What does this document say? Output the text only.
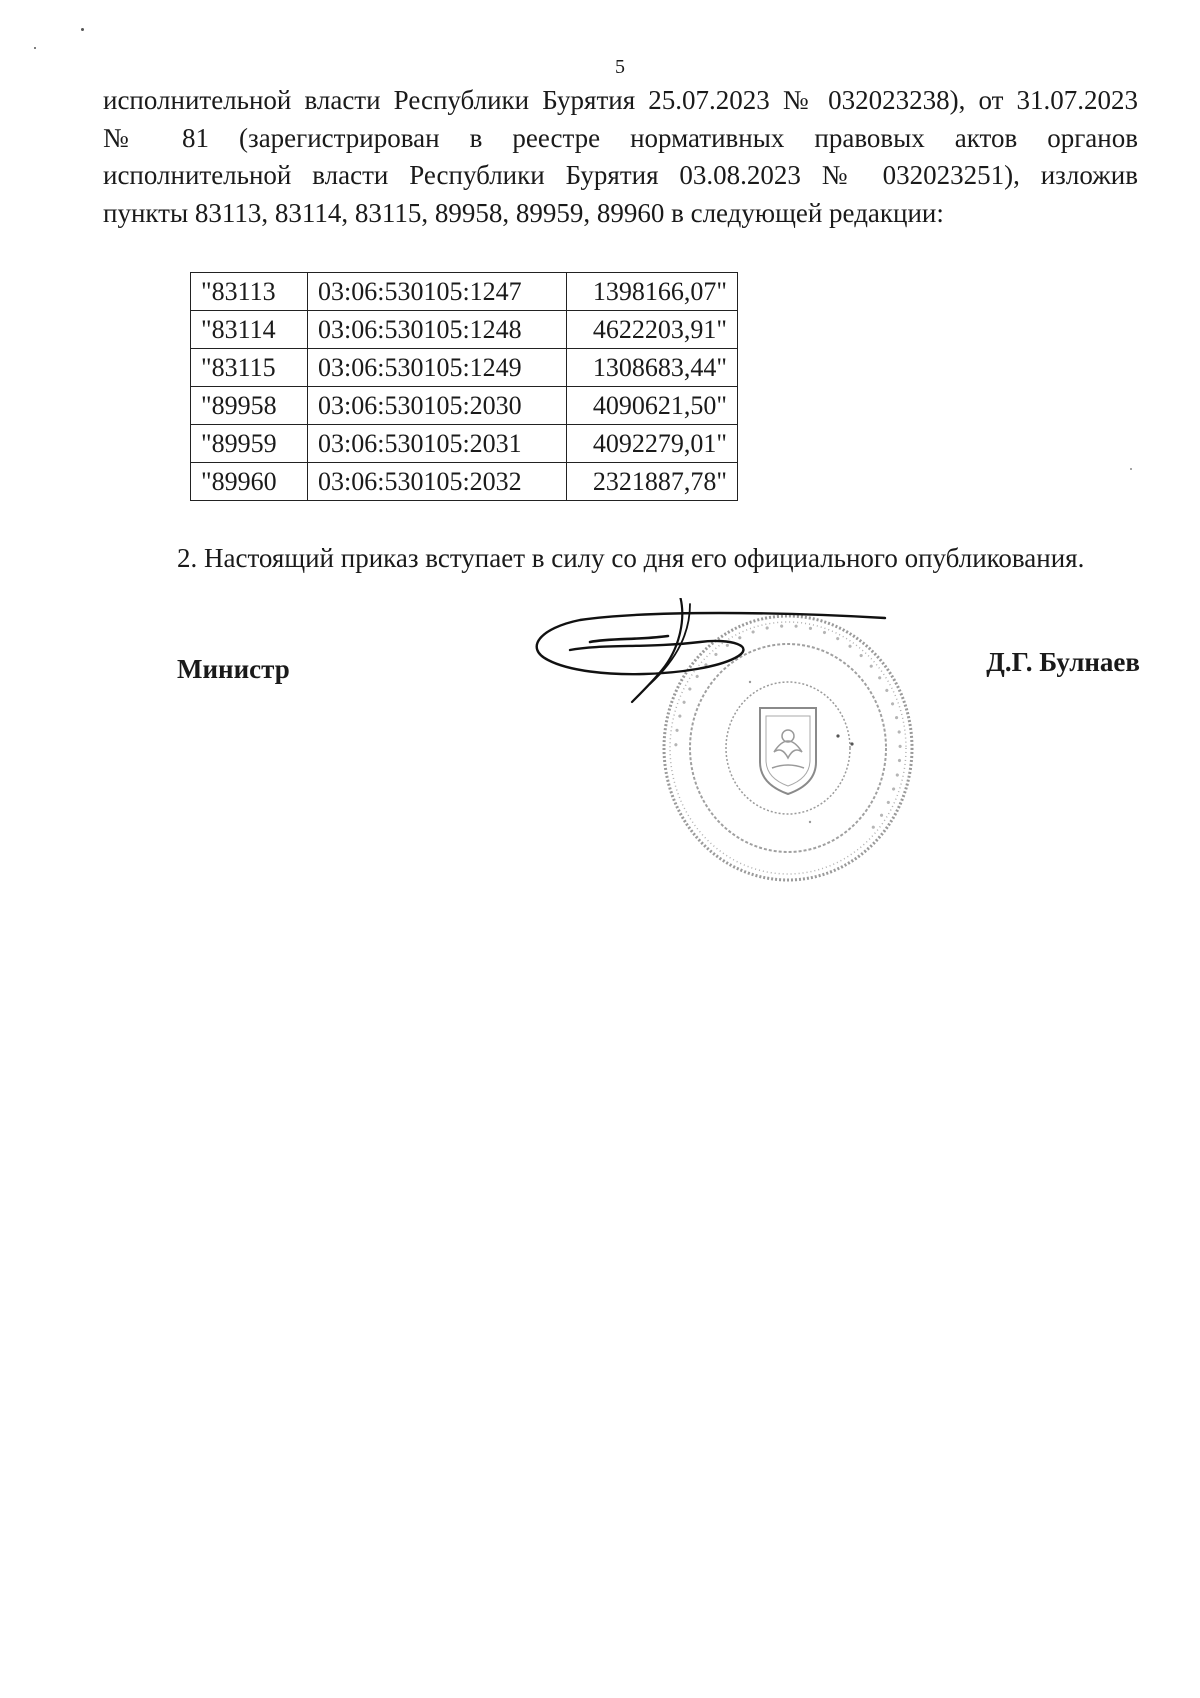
5

исполнительной власти Республики Бурятия 25.07.2023 № 032023238), от 31.07.2023
№ 81 (зарегистрирован в реестре нормативных правовых актов органов
исполнительной власти Республики Бурятия 03.08.2023 № 032023251), изложив
пункты 83113, 83114, 83115, 89958, 89959, 89960 в следующей редакции:

"83113	03:06:530105:1247	1398166,07"
"83114	03:06:530105:1248	4622203,91"
"83115	03:06:530105:1249	1308683,44"
"89958	03:06:530105:2030	4090621,50"
"89959	03:06:530105:2031	4092279,01"
"89960	03:06:530105:2032	2321887,78"
2. Настоящий приказ вступает в силу со дня его официального опубликования.
Министр
• • • • • • • • • • • • • • • • • • • • • • • • • • • • • • • •
Д.Г. Булнаев
